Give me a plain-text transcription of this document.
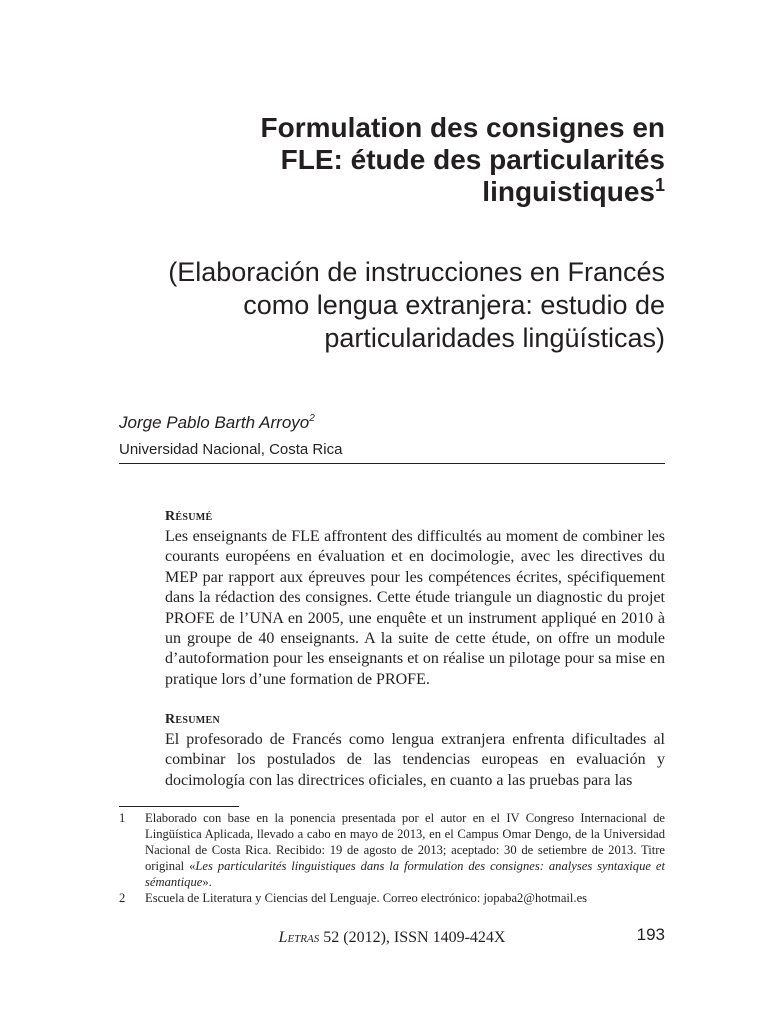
Formulation des consignes en
FLE: étude des particularités
linguistiques$^1$
(Elaboración de instrucciones en Francés
como lengua extranjera: estudio de
particularidades lingüísticas)
Jorge Pablo Barth Arroyo$^2$
Universidad Nacional, Costa Rica
Résumé
Les enseignants de FLE affrontent des difficultés au moment de combiner les courants européens en évaluation et en docimologie, avec les directives du MEP par rapport aux épreuves pour les compétences écrites, spécifiquement dans la rédaction des consignes. Cette étude triangule un diagnostic du projet PROFE de l’UNA en 2005, une enquête et un instrument appliqué en 2010 à un groupe de 40 enseignants. A la suite de cette étude, on offre un module d’autoformation pour les enseignants et on réalise un pilotage pour sa mise en pratique lors d’une formation de PROFE.
Resumen
El profesorado de Francés como lengua extranjera enfrenta dificultades al combinar los postulados de las tendencias europeas en evaluación y docimología con las directrices oficiales, en cuanto a las pruebas para las
1	Elaborado con base en la ponencia presentada por el autor en el IV Congreso Internacional de Lingüística Aplicada, llevado a cabo en mayo de 2013, en el Campus Omar Dengo, de la Universidad Nacional de Costa Rica. Recibido: 19 de agosto de 2013; aceptado: 30 de setiembre de 2013. Titre original «Les particularités linguistiques dans la formulation des consignes: analyses syntaxique et sémantique».
2	Escuela de Literatura y Ciencias del Lenguaje. Correo electrónico: jopaba2@hotmail.es
Letras 52 (2012), ISSN 1409-424X	193
